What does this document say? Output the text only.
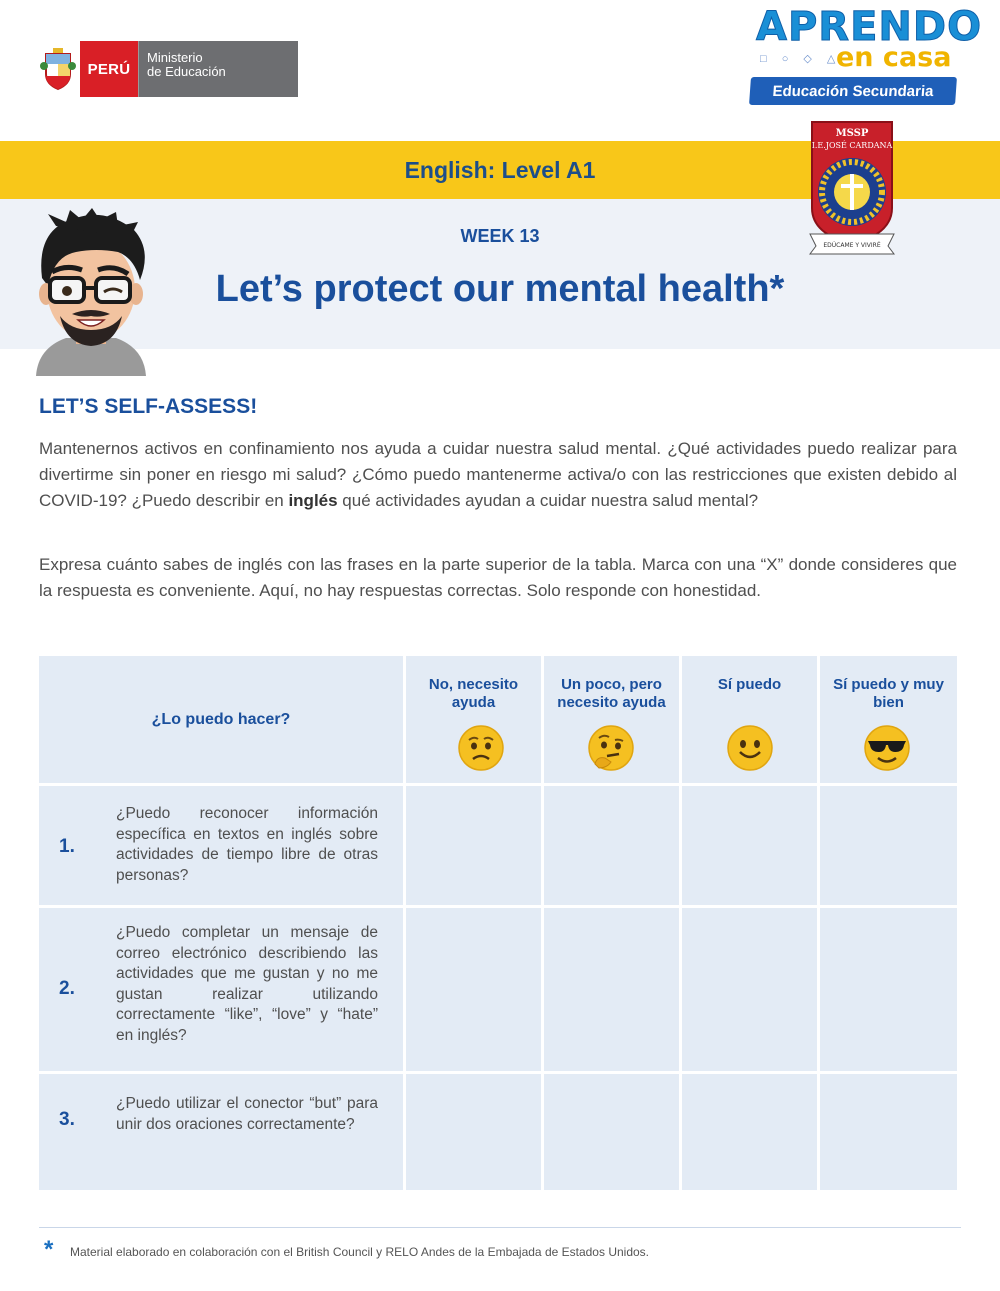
PERÚ
Ministerio
de Educación
APRENDO
□ ○ ◇ △
en casa
Educación Secundaria
English: Level A1
MSSP
I.E.JOSÉ CARDANA
EDÚCAME Y VIVIRÉ
WEEK 13
Let’s protect our mental health*
LET’S SELF-ASSESS!
Mantenernos activos en confinamiento nos ayuda a cuidar nuestra salud mental. ¿Qué actividades puedo realizar para divertirme sin poner en riesgo mi salud? ¿Cómo puedo mantenerme activa/o con las restricciones que existen debido al COVID-19? ¿Puedo describir en inglés qué actividades ayudan a cuidar nuestra salud mental?
Expresa cuánto sabes de inglés con las frases en la parte superior de la tabla. Marca con una “X” donde consideres que la respuesta es conveniente. Aquí, no hay respuestas correctas. Solo responde con honestidad.
¿Lo puedo hacer?
No, necesito ayuda
Un poco, pero necesito ayuda
Sí puedo	Sí puedo y muy bien
1.
¿Puedo reconocer información específica en textos en inglés sobre actividades de tiempo libre de otras personas?
2.
¿Puedo completar un mensaje de correo electrónico describiendo las actividades que me gustan y no me gustan realizar utilizando correctamente “like”, “love” y “hate” en inglés?
3.
¿Puedo utilizar el conector “but” para unir dos oraciones correctamente?
* Material elaborado en colaboración con el British Council y RELO Andes de la Embajada de Estados Unidos.
